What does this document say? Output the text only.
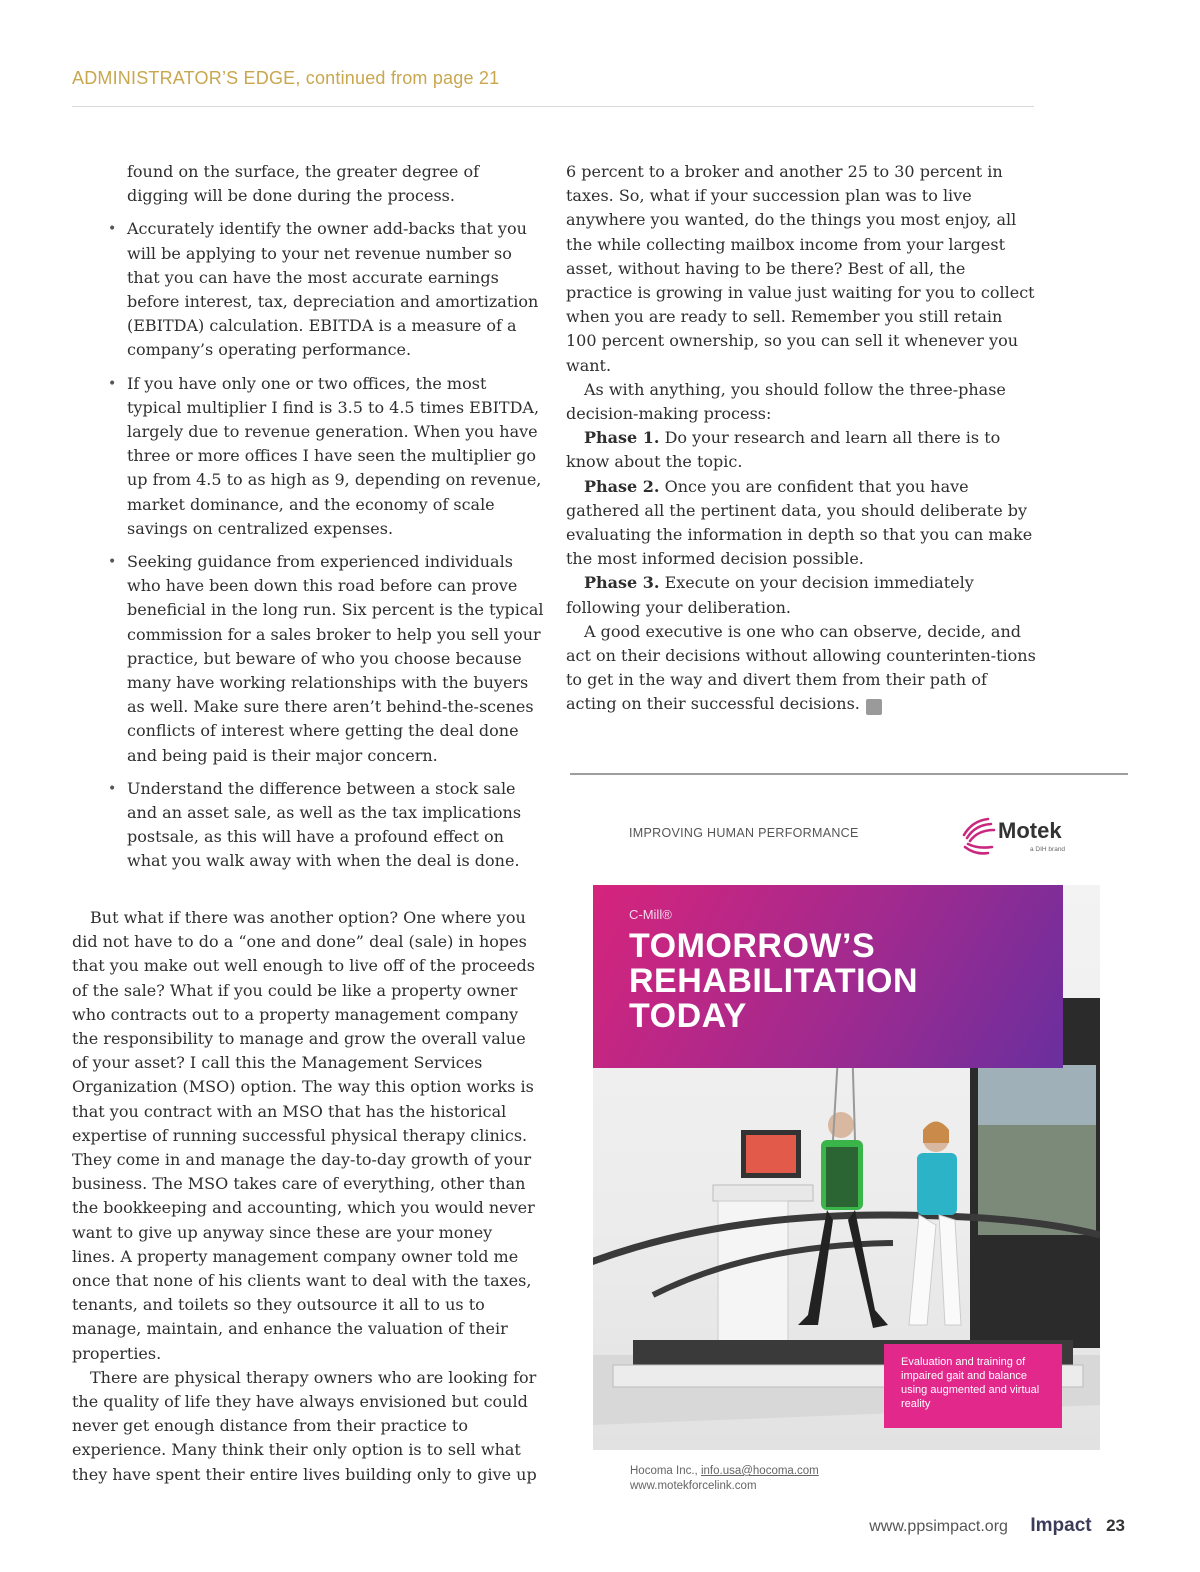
ADMINISTRATOR’S EDGE, continued from page 21

found on the surface, the greater degree of digging will be done during the process.

• Accurately identify the owner add-backs that you will be applying to your net revenue number so that you can have the most accurate earnings before interest, tax, depreciation and amortization (EBITDA) calculation. EBITDA is a measure of a company’s operating performance.
• If you have only one or two offices, the most typical multiplier I find is 3.5 to 4.5 times EBITDA, largely due to revenue generation. When you have three or more offices I have seen the multiplier go up from 4.5 to as high as 9, depending on revenue, market dominance, and the economy of scale savings on centralized expenses.
• Seeking guidance from experienced individuals who have been down this road before can prove beneficial in the long run. Six percent is the typical commission for a sales broker to help you sell your practice, but beware of who you choose because many have working relationships with the buyers as well. Make sure there aren’t behind-the-scenes conflicts of interest where getting the deal done and being paid is their major concern.
• Understand the difference between a stock sale and an asset sale, as well as the tax implications postsale, as this will have a profound effect on what you walk away with when the deal is done.

But what if there was another option? One where you did not have to do a “one and done” deal (sale) in hopes that you make out well enough to live off of the proceeds of the sale? What if you could be like a property owner who contracts out to a property management company the responsibility to manage and grow the overall value of your asset? I call this the Management Services Organization (MSO) option. The way this option works is that you contract with an MSO that has the historical expertise of running successful physical therapy clinics. They come in and manage the day-to-day growth of your business. The MSO takes care of everything, other than the bookkeeping and accounting, which you would never want to give up anyway since these are your money lines. A property management company owner told me once that none of his clients want to deal with the taxes, tenants, and toilets so they outsource it all to us to manage, maintain, and enhance the valuation of their properties.

There are physical therapy owners who are looking for the quality of life they have always envisioned but could never get enough distance from their practice to experience. Many think their only option is to sell what they have spent their entire lives building only to give up

6 percent to a broker and another 25 to 30 percent in taxes. So, what if your succession plan was to live anywhere you wanted, do the things you most enjoy, all the while collecting mailbox income from your largest asset, without having to be there? Best of all, the practice is growing in value just waiting for you to collect when you are ready to sell. Remember you still retain 100 percent ownership, so you can sell it whenever you want.

As with anything, you should follow the three-phase decision-making process:

Phase 1. Do your research and learn all there is to know about the topic.

Phase 2. Once you are confident that you have gathered all the pertinent data, you should deliberate by evaluating the information in depth so that you can make the most informed decision possible.

Phase 3. Execute on your decision immediately following your deliberation.

A good executive is one who can observe, decide, and act on their decisions without allowing counterinten-tions to get in the way and divert them from their path of acting on their successful decisions. I

IMPROVING HUMAN PERFORMANCE	Motek
a DIH brand
C-Mill®
TOMORROW’S
REHABILITATION
TODAY
Evaluation and training of impaired gait and balance using augmented and virtual reality
Hocoma Inc., info.usa@hocoma.com
www.motekforcelink.com
www.ppsimpact.org Impact 23
